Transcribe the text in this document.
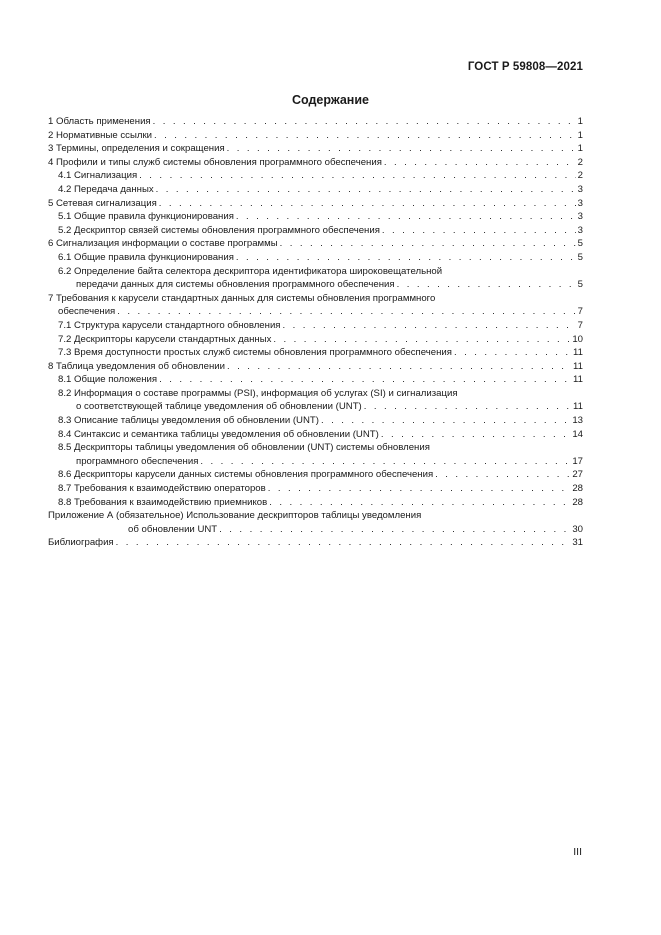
ГОСТ Р 59808—2021
Содержание
1 Область применения . . .	1
2 Нормативные ссылки . . .	1
3 Термины, определения и сокращения . . .	1
4 Профили и типы служб системы обновления программного обеспечения . . .	2
4.1 Сигнализация . . .	2
4.2 Передача данных . . .	3
5 Сетевая сигнализация . . .	3
5.1 Общие правила функционирования . . .	3
5.2 Дескриптор связей системы обновления программного обеспечения . . .	3
6 Сигнализация информации о составе программы . . .	5
6.1 Общие правила функционирования . . .	5
6.2 Определение байта селектора дескриптора идентификатора широковещательной
передачи данных для системы обновления программного обеспечения . . .	5
7 Требования к карусели стандартных данных для системы обновления программного
обеспечения . . .	7
7.1 Структура карусели стандартного обновления . . .	7
7.2 Дескрипторы карусели стандартных данных . . .	10
7.3 Время доступности простых служб системы обновления программного обеспечения . . .	11
8 Таблица уведомления об обновлении . . .	11
8.1 Общие положения . . .	11
8.2 Информация о составе программы (PSI), информация об услугах (SI) и сигнализация
о соответствующей таблице уведомления об обновлении (UNT) . . .	11
8.3 Описание таблицы уведомления об обновлении (UNT) . . .	13
8.4 Синтаксис и семантика таблицы уведомления об обновлении (UNT) . . .	14
8.5 Дескрипторы таблицы уведомления об обновлении (UNT) системы обновления
программного обеспечения . . .	17
8.6 Дескрипторы карусели данных системы обновления программного обеспечения . . .	27
8.7 Требования к взаимодействию операторов . . .	28
8.8 Требования к взаимодействию приемников . . .	28
Приложение А (обязательное) Использование дескрипторов таблицы уведомления
об обновлении UNT . . .	30
Библиография . . .	31
III
